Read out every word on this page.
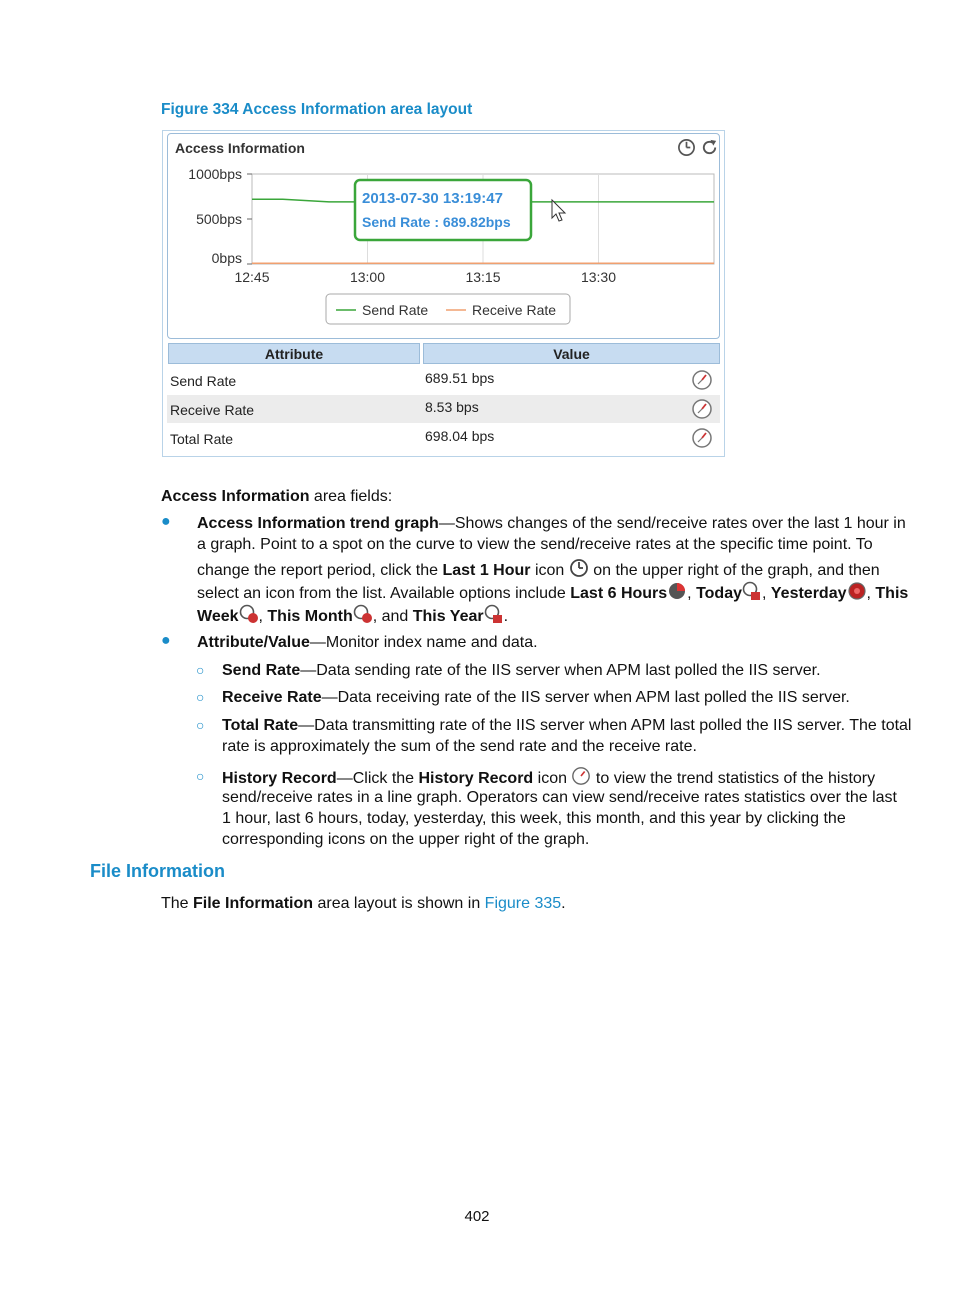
Figure 334 Access Information area layout
Access Information
12:45	13:00	13:15	13:30
1000bps
500bps
0bps
2013-07-30 13:19:47
Send Rate : 689.82bps
Send Rate	Receive Rate
Attribute	Value
Send Rate	689.51 bps
Receive Rate	8.53 bps
Total Rate	698.04 bps
Access Information area fields:
● Access Information trend graph—Shows changes of the send/receive rates over the last 1 hour in
a graph. Point to a spot on the curve to view the send/receive rates at the specific time point. To
change the report period, click the Last 1 Hour icon  on the upper right of the graph, and then
select an icon from the list. Available options include Last 6 Hours , Today , Yesterday , This
Week , This Month , and This Year .
● Attribute/Value—Monitor index name and data.
○ Send Rate—Data sending rate of the IIS server when APM last polled the IIS server.
○ Receive Rate—Data receiving rate of the IIS server when APM last polled the IIS server.
○ Total Rate—Data transmitting rate of the IIS server when APM last polled the IIS server. The total
rate is approximately the sum of the send rate and the receive rate.
○ History Record—Click the History Record icon  to view the trend statistics of the history
send/receive rates in a line graph. Operators can view send/receive rates statistics over the last
1 hour, last 6 hours, today, yesterday, this week, this month, and this year by clicking the
corresponding icons on the upper right of the graph.
File Information
The File Information area layout is shown in Figure 335.
402
